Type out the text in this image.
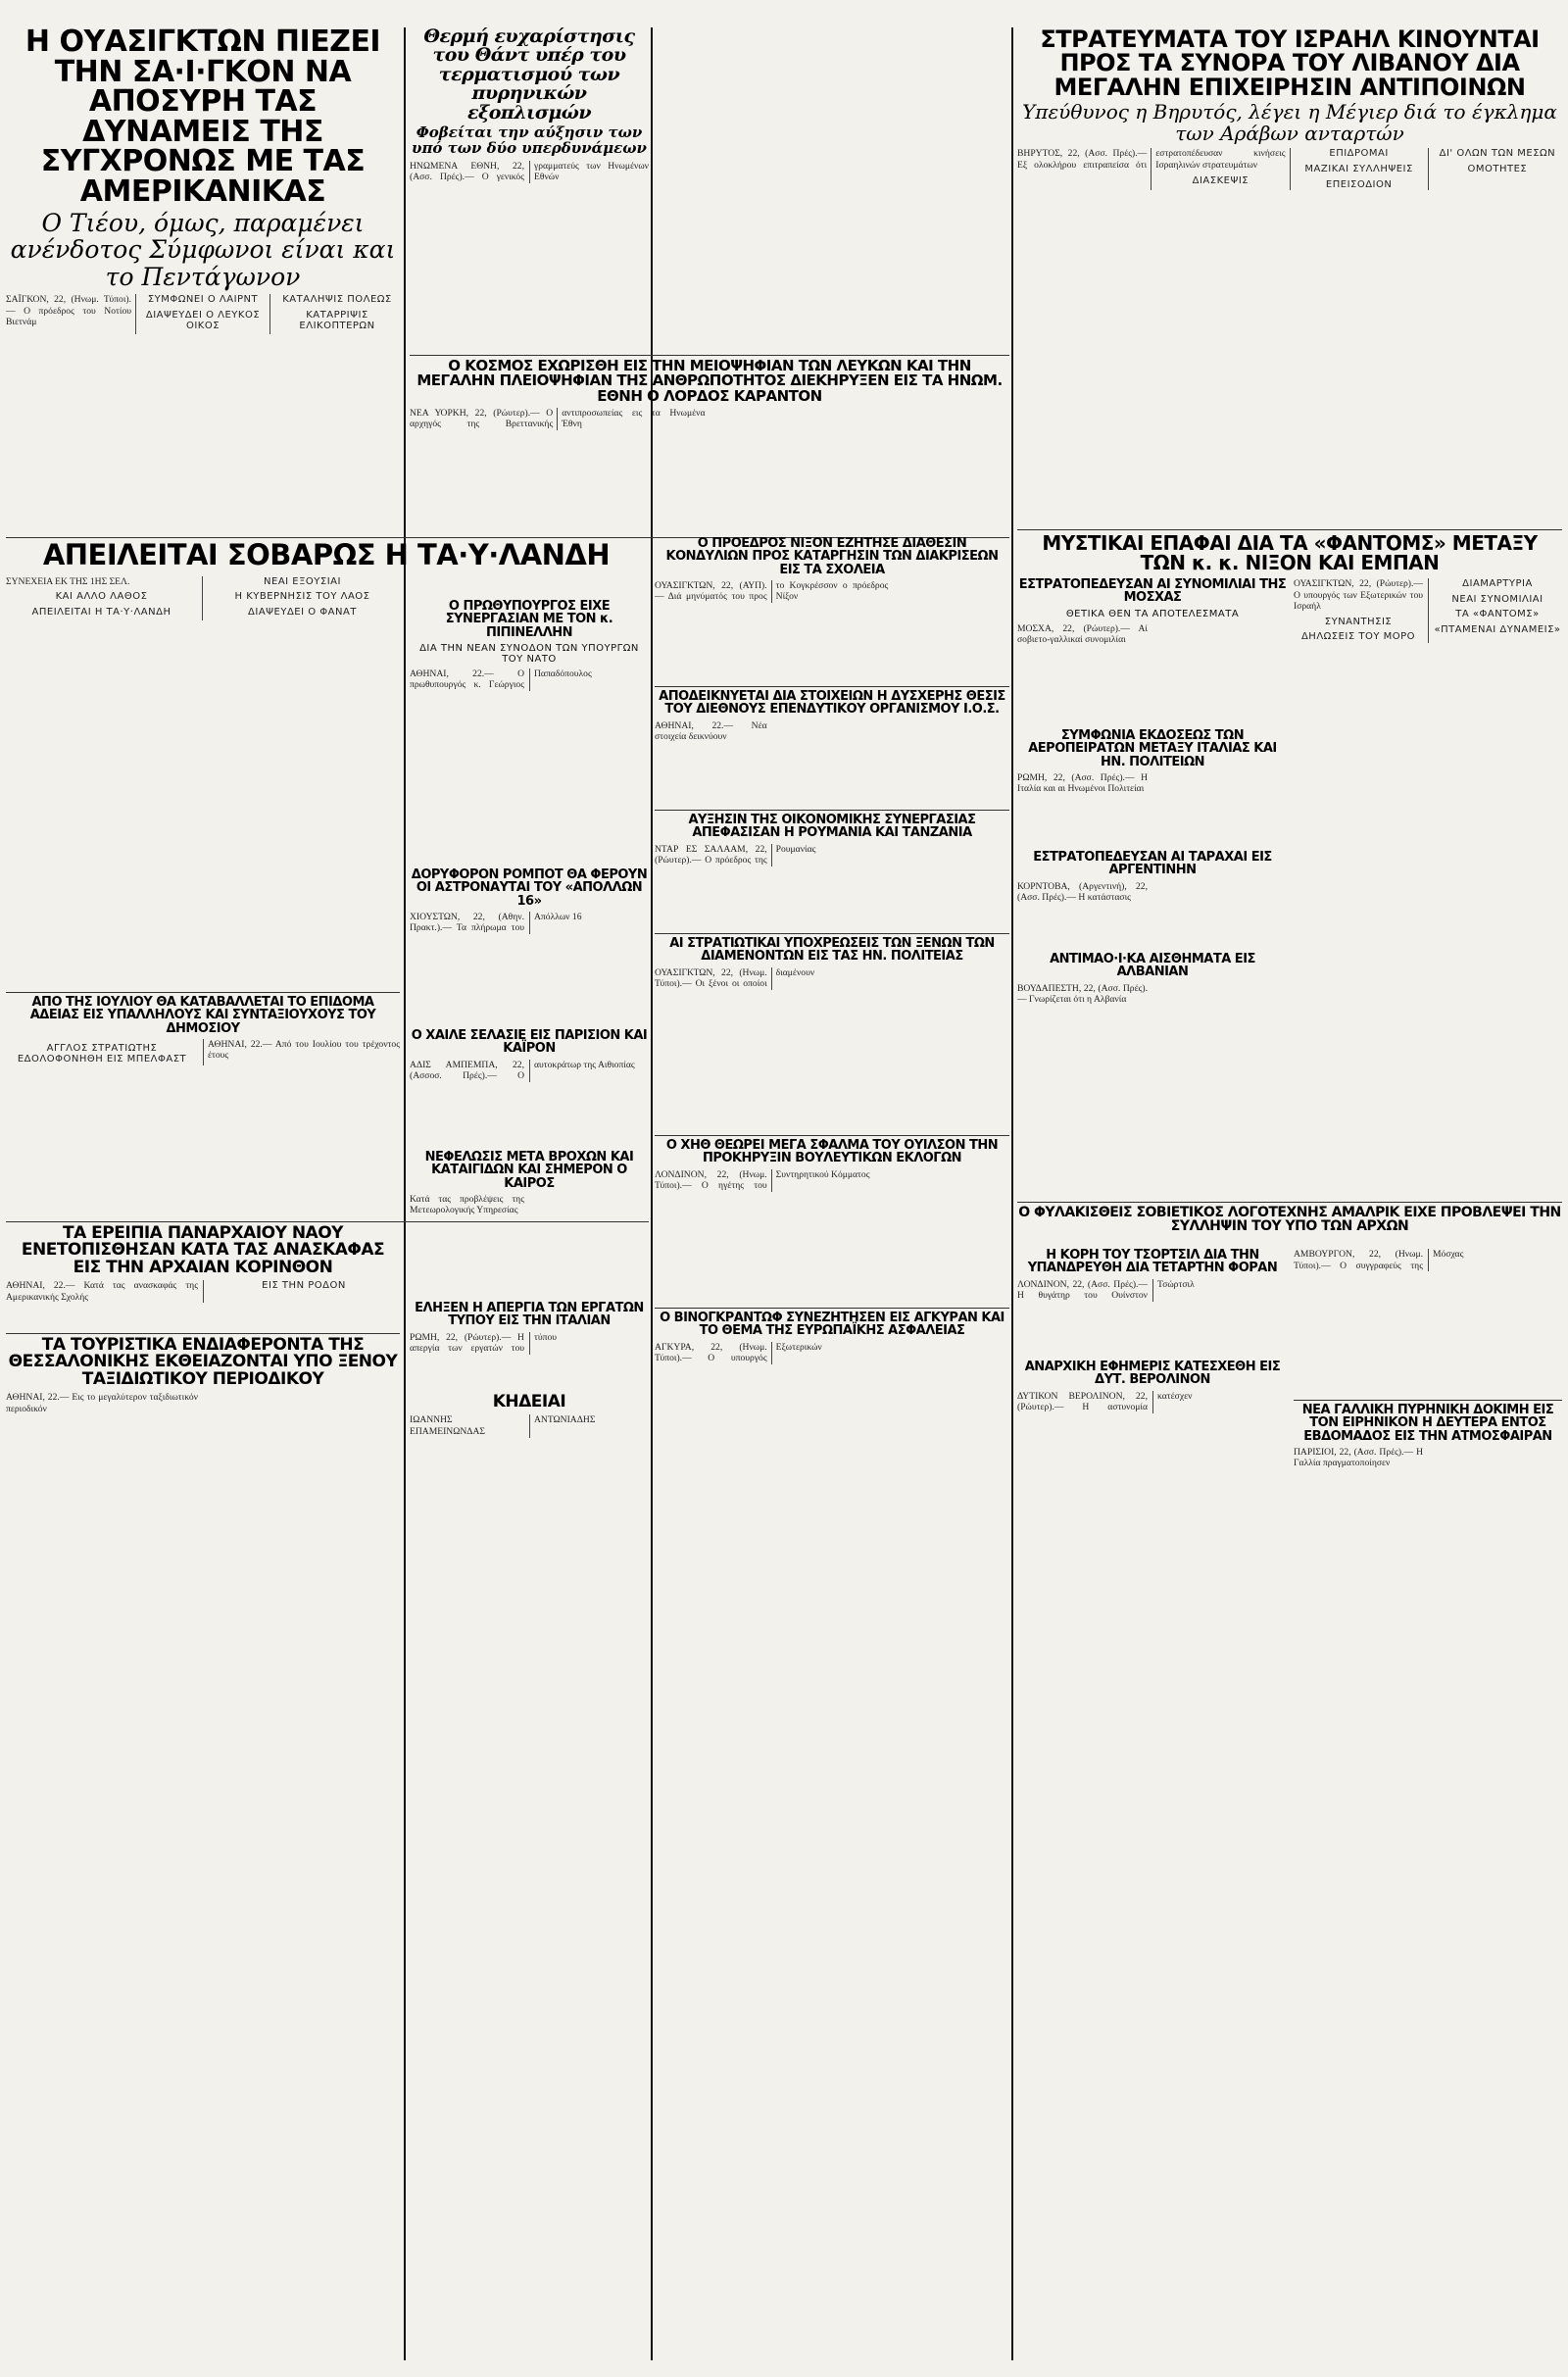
Η ΟΥΑΣΙΓΚΤΩΝ ΠΙΕΖΕΙ ΤΗΝ ΣΑ·Ι·ΓΚΟΝ ΝΑ ΑΠΟΣΥΡΗ ΤΑΣ ΔΥΝΑΜΕΙΣ ΤΗΣ ΣΥΓΧΡΟΝΩΣ ΜΕ ΤΑΣ ΑΜΕΡΙΚΑΝΙΚΑΣ
Ο Τιέου, όμως, παραμένει ανένδοτος Σύμφωνοι είναι και το Πεντάγωνον
ΣΑΪΓΚΟΝ, 22, (Ηνωμ. Τύποι). — Ο πρόεδρος του Νοτίου Βιετνάμ
ΣΥΜΦΩΝΕΙ Ο ΛΑΙΡΝΤ
ΔΙΑΨΕΥΔΕΙ Ο ΛΕΥΚΟΣ ΟΙΚΟΣ
ΚΑΤΑΛΗΨΙΣ ΠΟΛΕΩΣ
ΚΑΤΑΡΡΙΨΙΣ ΕΛΙΚΟΠΤΕΡΩΝ
ΑΠΕΙΛΕΙΤΑΙ ΣΟΒΑΡΩΣ Η ΤΑ·Υ·ΛΑΝΔΗ
ΣΥΝΕΧΕΙΑ ΕΚ ΤΗΣ 1ΗΣ ΣΕΛ.
ΚΑΙ ΑΛΛΟ ΛΑΘΟΣ
ΑΠΕΙΛΕΙΤΑΙ Η ΤΑ·Υ·ΛΑΝΔΗ
ΝΕΑΙ ΕΞΟΥΣΙΑΙ
Η ΚΥΒΕΡΝΗΣΙΣ ΤΟΥ ΛΑΟΣ
ΔΙΑΨΕΥΔΕΙ Ο ΦΑΝΑΤ
ΑΠΟ ΤΗΣ ΙΟΥΛΙΟΥ ΘΑ ΚΑΤΑΒΑΛΛΕΤΑΙ ΤΟ ΕΠΙΔΟΜΑ ΑΔΕΙΑΣ ΕΙΣ ΥΠΑΛΛΗΛΟΥΣ ΚΑΙ ΣΥΝΤΑΞΙΟΥΧΟΥΣ ΤΟΥ ΔΗΜΟΣΙΟΥ
ΑΓΓΛΟΣ ΣΤΡΑΤΙΩΤΗΣ ΕΔΟΛΟΦΟΝΗΘΗ ΕΙΣ ΜΠΕΛΦΑΣΤ
ΑΘΗΝΑΙ, 22.— Από του Ιουλίου του τρέχοντος έτους
ΤΑ ΕΡΕΙΠΙΑ ΠΑΝΑΡΧΑΙΟΥ ΝΑΟΥ ΕΝΕΤΟΠΙΣΘΗΣΑΝ ΚΑΤΑ ΤΑΣ ΑΝΑΣΚΑΦΑΣ ΕΙΣ ΤΗΝ ΑΡΧΑΙΑΝ ΚΟΡΙΝΘΟΝ
ΑΘΗΝΑΙ, 22.— Κατά τας ανασκαφάς της Αμερικανικής Σχολής
ΕΙΣ ΤΗΝ ΡΟΔΟΝ
ΤΑ ΤΟΥΡΙΣΤΙΚΑ ΕΝΔΙΑΦΕΡΟΝΤΑ ΤΗΣ ΘΕΣΣΑΛΟΝΙΚΗΣ ΕΚΘΕΙΑΖΟΝΤΑΙ ΥΠΟ ΞΕΝΟΥ ΤΑΞΙΔΙΩΤΙΚΟΥ ΠΕΡΙΟΔΙΚΟΥ
ΑΘΗΝΑΙ, 22.— Εις το μεγαλύτερον ταξιδιωτικόν περιοδικόν
Θερμή ευχαρίστησις του Θάντ υπέρ του τερματισμού των πυρηνικών εξοπλισμών
Φοβείται την αύξησιν των υπό των δύο υπερδυνάμεων
ΗΝΩΜΕΝΑ ΕΘΝΗ, 22, (Ασσ. Πρές).— Ο γενικός γραμματεύς των Ηνωμένων Εθνών
Ο ΚΟΣΜΟΣ ΕΧΩΡΙΣΘΗ ΕΙΣ ΤΗΝ ΜΕΙΟΨΗΦΙΑΝ ΤΩΝ ΛΕΥΚΩΝ ΚΑΙ ΤΗΝ ΜΕΓΑΛΗΝ ΠΛΕΙΟΨΗΦΙΑΝ ΤΗΣ ΑΝΘΡΩΠΟΤΗΤΟΣ ΔΙΕΚΗΡΥΞΕΝ ΕΙΣ ΤΑ ΗΝΩΜ. ΕΘΝΗ Ο ΛΟΡΔΟΣ ΚΑΡΑΝΤΟΝ
ΝΕΑ ΥΟΡΚΗ, 22, (Ρώυτερ).— Ο αρχηγός της Βρεττανικής αντιπροσωπείας εις τα Ηνωμένα Έθνη
Ο ΠΡΩΘΥΠΟΥΡΓΟΣ ΕΙΧΕ ΣΥΝΕΡΓΑΣΙΑΝ ΜΕ ΤΟΝ κ. ΠΙΠΙΝΕΛΛΗΝ
ΔΙΑ ΤΗΝ ΝΕΑΝ ΣΥΝΟΔΟΝ ΤΩΝ ΥΠΟΥΡΓΩΝ ΤΟΥ ΝΑΤΟ
ΑΘΗΝΑΙ, 22.— Ο πρωθυπουργός κ. Γεώργιος Παπαδόπουλος
ΔΟΡΥΦΟΡΟΝ ΡΟΜΠΟΤ ΘΑ ΦΕΡΟΥΝ ΟΙ ΑΣΤΡΟΝΑΥΤΑΙ ΤΟΥ «ΑΠΟΛΛΩΝ 16»
ΧΙΟΥΣΤΩΝ, 22, (Αθην. Πρακτ.).— Τα πλήρωμα του Απόλλων 16
Ο ΧΑΪΛΕ ΣΕΛΑΣΙΕ ΕΙΣ ΠΑΡΙΣΙΟΝ ΚΑΙ ΚΑΪΡΟΝ
ΑΔΙΣ ΑΜΠΕΜΠΑ, 22, (Ασσοσ. Πρές).— Ο αυτοκράτωρ της Αιθιοπίας
ΝΕΦΕΛΩΣΙΣ ΜΕΤΑ ΒΡΟΧΩΝ ΚΑΙ ΚΑΤΑΙΓΙΔΩΝ ΚΑΙ ΣΗΜΕΡΟΝ Ο ΚΑΙΡΟΣ
Κατά τας προβλέψεις της Μετεωρολογικής Υπηρεσίας
ΕΛΗΞΕΝ Η ΑΠΕΡΓΙΑ ΤΩΝ ΕΡΓΑΤΩΝ ΤΥΠΟΥ ΕΙΣ ΤΗΝ ΙΤΑΛΙΑΝ
ΡΩΜΗ, 22, (Ρώυτερ).— Η απεργία των εργατών του τύπου
ΚΗΔΕΙΑΙ
ΙΩΑΝΝΗΣ ΕΠΑΜΕΙΝΩΝΔΑΣ ΑΝΤΩΝΙΑΔΗΣ
Ο ΠΡΟΕΔΡΟΣ ΝΙΞΟΝ ΕΖΗΤΗΣΕ ΔΙΑΘΕΣΙΝ ΚΟΝΔΥΛΙΩΝ ΠΡΟΣ ΚΑΤΑΡΓΗΣΙΝ ΤΩΝ ΔΙΑΚΡΙΣΕΩΝ ΕΙΣ ΤΑ ΣΧΟΛΕΙΑ
ΟΥΑΣΙΓΚΤΩΝ, 22, (ΑΥΠ).— Διά μηνύματός του προς το Κογκρέσσον ο πρόεδρος Νίξον
ΑΠΟΔΕΙΚΝΥΕΤΑΙ ΔΙΑ ΣΤΟΙΧΕΙΩΝ Η ΔΥΣΧΕΡΗΣ ΘΕΣΙΣ ΤΟΥ ΔΙΕΘΝΟΥΣ ΕΠΕΝΔΥΤΙΚΟΥ ΟΡΓΑΝΙΣΜΟΥ Ι.Ο.Σ.
ΑΘΗΝΑΙ, 22.— Νέα στοιχεία δεικνύουν
ΑΥΞΗΣΙΝ ΤΗΣ ΟΙΚΟΝΟΜΙΚΗΣ ΣΥΝΕΡΓΑΣΙΑΣ ΑΠΕΦΑΣΙΣΑΝ Η ΡΟΥΜΑΝΙΑ ΚΑΙ ΤΑΝΖΑΝΙΑ
ΝΤΑΡ ΕΣ ΣΑΛΑΑΜ, 22, (Ρώυτερ).— Ο πρόεδρος της Ρουμανίας
ΑΙ ΣΤΡΑΤΙΩΤΙΚΑΙ ΥΠΟΧΡΕΩΣΕΙΣ ΤΩΝ ΞΕΝΩΝ ΤΩΝ ΔΙΑΜΕΝΟΝΤΩΝ ΕΙΣ ΤΑΣ ΗΝ. ΠΟΛΙΤΕΙΑΣ
ΟΥΑΣΙΓΚΤΩΝ, 22, (Ηνωμ. Τύποι).— Οι ξένοι οι οποίοι διαμένουν
Ο ΧΗΘ ΘΕΩΡΕΙ ΜΕΓΑ ΣΦΑΛΜΑ ΤΟΥ ΟΥΙΛΣΟΝ ΤΗΝ ΠΡΟΚΗΡΥΞΙΝ ΒΟΥΛΕΥΤΙΚΩΝ ΕΚΛΟΓΩΝ
ΛΟΝΔΙΝΟΝ, 22, (Ηνωμ. Τύποι).— Ο ηγέτης του Συντηρητικού Κόμματος
Ο ΒΙΝΟΓΚΡΑΝΤΩΦ ΣΥΝΕΖΗΤΗΣΕΝ ΕΙΣ ΑΓΚΥΡΑΝ ΚΑΙ ΤΟ ΘΕΜΑ ΤΗΣ ΕΥΡΩΠΑΪΚΗΣ ΑΣΦΑΛΕΙΑΣ
ΑΓΚΥΡΑ, 22, (Ηνωμ. Τύποι).— Ο υπουργός Εξωτερικών
ΣΤΡΑΤΕΥΜΑΤΑ ΤΟΥ ΙΣΡΑΗΛ ΚΙΝΟΥΝΤΑΙ ΠΡΟΣ ΤΑ ΣΥΝΟΡΑ ΤΟΥ ΛΙΒΑΝΟΥ ΔΙΑ ΜΕΓΑΛΗΝ ΕΠΙΧΕΙΡΗΣΙΝ ΑΝΤΙΠΟΙΝΩΝ
Υπεύθυνος η Βηρυτός, λέγει η Μέγιερ διά το έγκλημα των Αράβων ανταρτών
ΒΗΡΥΤΟΣ, 22, (Ασσ. Πρές).— Εξ ολοκλήρου επιτραπείσα ότι εστρατοπέδευσαν κινήσεις Ισραηλινών στρατευμάτων
ΔΙΑΣΚΕΨΙΣ
ΕΠΙΔΡΟΜΑΙ
ΜΑΖΙΚΑΙ ΣΥΛΛΗΨΕΙΣ
ΕΠΕΙΣΟΔΙΟΝ
ΔΙ' ΟΛΩΝ ΤΩΝ ΜΕΣΩΝ
ΟΜΟΤΗΤΕΣ
ΜΥΣΤΙΚΑΙ ΕΠΑΦΑΙ ΔΙΑ ΤΑ «ΦΑΝΤΟΜΣ» ΜΕΤΑΞΥ ΤΩΝ κ. κ. ΝΙΞΟΝ ΚΑΙ ΕΜΠΑΝ
ΟΥΑΣΙΓΚΤΩΝ, 22, (Ρώυτερ).— Ο υπουργός των Εξωτερικών του Ισραήλ
ΣΥΝΑΝΤΗΣΙΣ
ΔΗΛΩΣΕΙΣ ΤΟΥ ΜΟΡΟ
ΔΙΑΜΑΡΤΥΡΙΑ
ΝΕΑΙ ΣΥΝΟΜΙΛΙΑΙ
ΤΑ «ΦΑΝΤΟΜΣ»
«ΠΤΑΜΕΝΑΙ ΔΥΝΑΜΕΙΣ»
ΕΣΤΡΑΤΟΠΕΔΕΥΣΑΝ ΑΙ ΣΥΝΟΜΙΛΙΑΙ ΤΗΣ ΜΟΣΧΑΣ
ΘΕΤΙΚΑ ΘΕΝ ΤΑ ΑΠΟΤΕΛΕΣΜΑΤΑ
ΜΟΣΧΑ, 22, (Ρώυτερ).— Αί σοβιετο-γαλλικαί συνομιλίαι
ΣΥΜΦΩΝΙΑ ΕΚΔΟΣΕΩΣ ΤΩΝ ΑΕΡΟΠΕΙΡΑΤΩΝ ΜΕΤΑΞΥ ΙΤΑΛΙΑΣ ΚΑΙ ΗΝ. ΠΟΛΙΤΕΙΩΝ
ΡΩΜΗ, 22, (Ασσ. Πρές).— Η Ιταλία και αι Ηνωμένοι Πολιτείαι
ΕΣΤΡΑΤΟΠΕΔΕΥΣΑΝ ΑΙ ΤΑΡΑΧΑΙ ΕΙΣ ΑΡΓΕΝΤΙΝΗΝ
ΚΟΡΝΤΟΒΑ, (Αργεντινή), 22, (Ασσ. Πρές).— Η κατάστασις
ΑΝΤΙΜΑΟ·Ι·ΚΑ ΑΙΣΘΗΜΑΤΑ ΕΙΣ ΑΛΒΑΝΙΑΝ
ΒΟΥΔΑΠΕΣΤΗ, 22, (Ασσ. Πρές).— Γνωρίζεται ότι η Αλβανία
Ο ΦΥΛΑΚΙΣΘΕΙΣ ΣΟΒΙΕΤΙΚΟΣ ΛΟΓΟΤΕΧΝΗΣ ΑΜΑΛΡΙΚ ΕΙΧΕ ΠΡΟΒΛΕΨΕΙ ΤΗΝ ΣΥΛΛΗΨΙΝ ΤΟΥ ΥΠΟ ΤΩΝ ΑΡΧΩΝ
Η ΚΟΡΗ ΤΟΥ ΤΣΟΡΤΣΙΛ ΔΙΑ ΤΗΝ ΥΠΑΝΔΡΕΥΘΗ ΔΙΑ ΤΕΤΑΡΤΗΝ ΦΟΡΑΝ
ΛΟΝΔΙΝΟΝ, 22, (Ασσ. Πρές).— Η θυγάτηρ του Ουίνστον Τσώρτσιλ
ΑΜΒΟΥΡΓΟΝ, 22, (Ηνωμ. Τύποι).— Ο συγγραφεύς της Μόσχας
ΑΝΑΡΧΙΚΗ ΕΦΗΜΕΡΙΣ ΚΑΤΕΣΧΕΘΗ ΕΙΣ ΔΥΤ. ΒΕΡΟΛΙΝΟΝ
ΔΥΤΙΚΟΝ ΒΕΡΟΛΙΝΟΝ, 22, (Ρώυτερ).— Η αστυνομία κατέσχεν
ΝΕΑ ΓΑΛΛΙΚΗ ΠΥΡΗΝΙΚΗ ΔΟΚΙΜΗ ΕΙΣ ΤΟΝ ΕΙΡΗΝΙΚΟΝ Η ΔΕΥΤΕΡΑ ΕΝΤΟΣ ΕΒΔΟΜΑΔΟΣ ΕΙΣ ΤΗΝ ΑΤΜΟΣΦΑΙΡΑΝ
ΠΑΡΙΣΙΟΙ, 22, (Ασσ. Πρές).— Η Γαλλία πραγματοποίησεν
